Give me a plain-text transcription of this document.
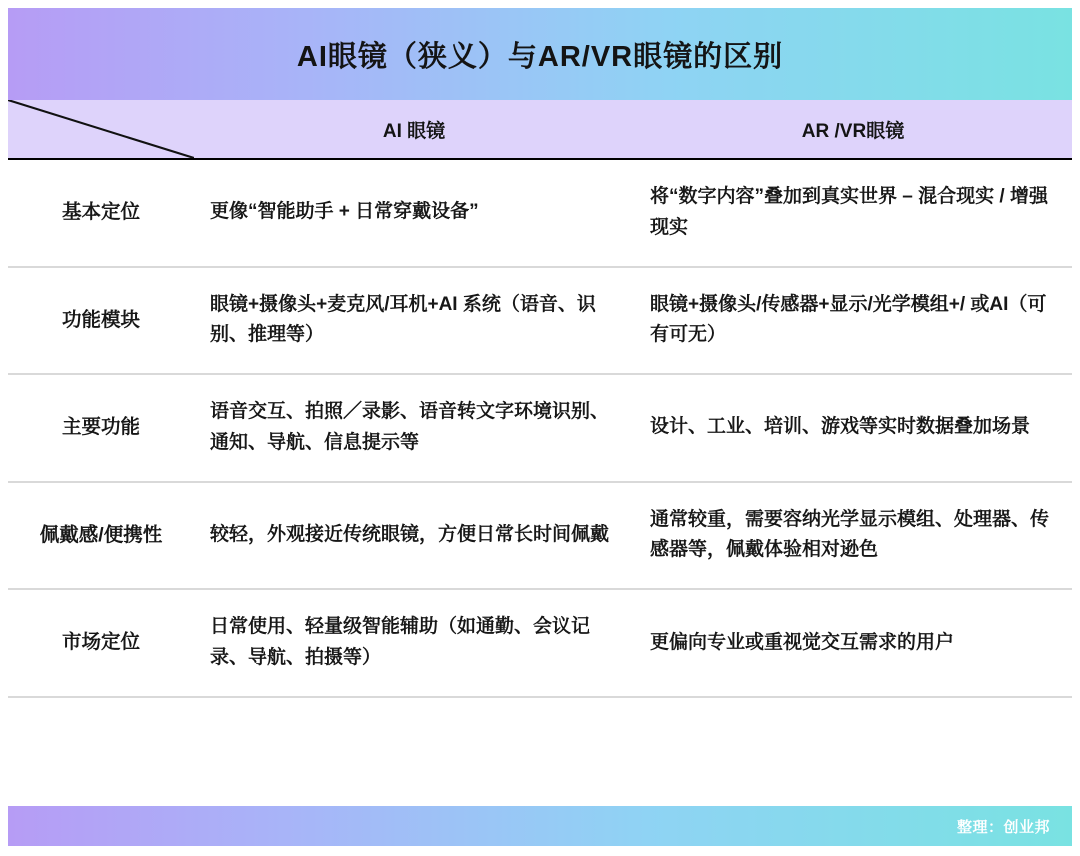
AI眼镜（狭义）与AR/VR眼镜的区别
	AI 眼镜	AR /VR眼镜
基本定位	更像“智能助手 + 日常穿戴设备”	将“数字内容”叠加到真实世界 – 混合现实 / 增强现实
功能模块	眼镜+摄像头+麦克风/耳机+AI 系统（语音、识别、推理等）	眼镜+摄像头/传感器+显示/光学模组+/ 或AI（可有可无）
主要功能	语音交互、拍照／录影、语音转文字环境识别、通知、导航、信息提示等	设计、工业、培训、游戏等实时数据叠加场景
佩戴感/便携性	较轻，外观接近传统眼镜，方便日常长时间佩戴	通常较重，需要容纳光学显示模组、处理器、传感器等，佩戴体验相对逊色
市场定位	日常使用、轻量级智能辅助（如通勤、会议记录、导航、拍摄等）	更偏向专业或重视觉交互需求的用户
整理：创业邦
